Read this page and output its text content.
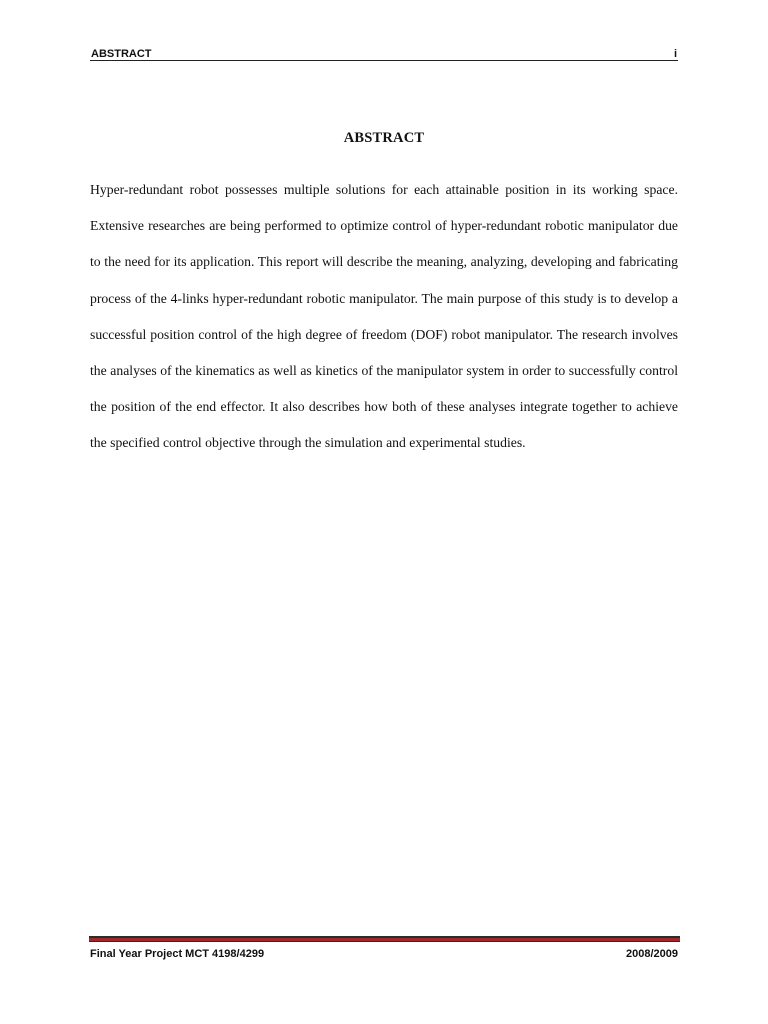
ABSTRACT	i
ABSTRACT

Hyper-redundant robot possesses multiple solutions for each attainable position in its working space. Extensive researches are being performed to optimize control of hyper-redundant robotic manipulator due to the need for its application. This report will describe the meaning, analyzing, developing and fabricating process of the 4-links hyper-redundant robotic manipulator. The main purpose of this study is to develop a successful position control of the high degree of freedom (DOF) robot manipulator. The research involves the analyses of the kinematics as well as kinetics of the manipulator system in order to successfully control the position of the end effector. It also describes how both of these analyses integrate together to achieve the specified control objective through the simulation and experimental studies.

Final Year Project MCT 4198/4299	2008/2009
